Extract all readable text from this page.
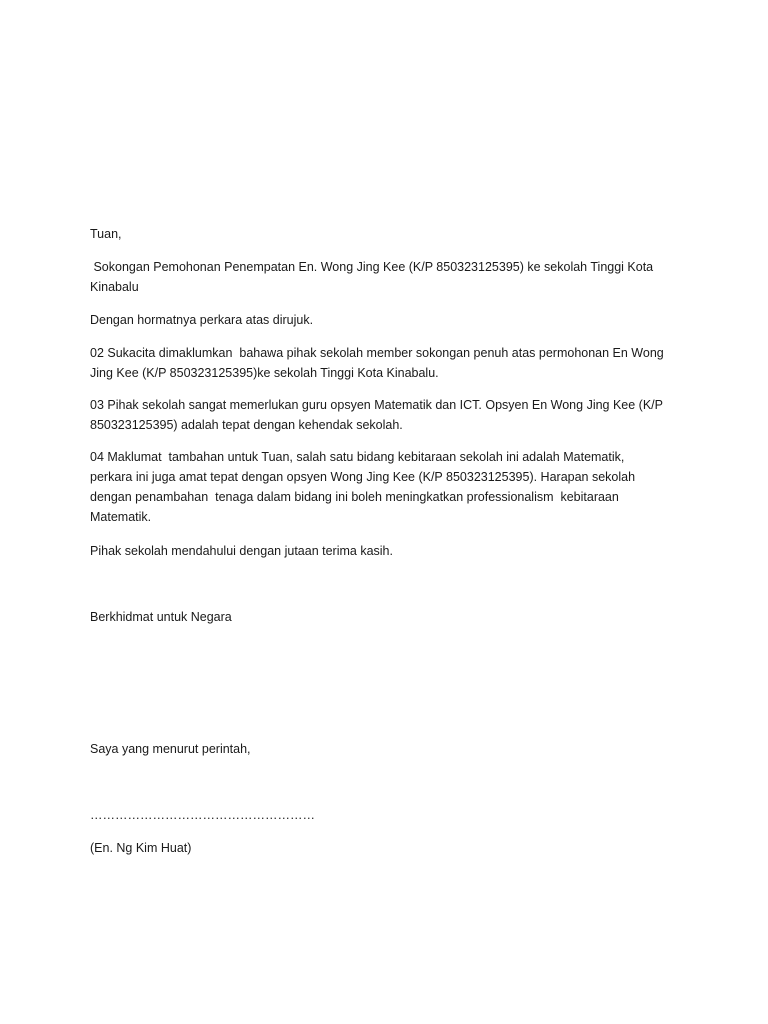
Tuan,

Sokongan Pemohonan Penempatan En. Wong Jing Kee (K/P 850323125395) ke sekolah Tinggi Kota
Kinabalu

Dengan hormatnya perkara atas dirujuk.

02 Sukacita dimaklumkan  bahawa pihak sekolah member sokongan penuh atas permohonan En Wong
Jing Kee (K/P 850323125395)ke sekolah Tinggi Kota Kinabalu.

03 Pihak sekolah sangat memerlukan guru opsyen Matematik dan ICT. Opsyen En Wong Jing Kee (K/P
850323125395) adalah tepat dengan kehendak sekolah.

04 Maklumat  tambahan untuk Tuan, salah satu bidang kebitaraan sekolah ini adalah Matematik,
perkara ini juga amat tepat dengan opsyen Wong Jing Kee (K/P 850323125395). Harapan sekolah
dengan penambahan  tenaga dalam bidang ini boleh meningkatkan professionalism  kebitaraan
Matematik.

Pihak sekolah mendahului dengan jutaan terima kasih.

Berkhidmat untuk Negara

Saya yang menurut perintah,

………………………………………………

(En. Ng Kim Huat)
